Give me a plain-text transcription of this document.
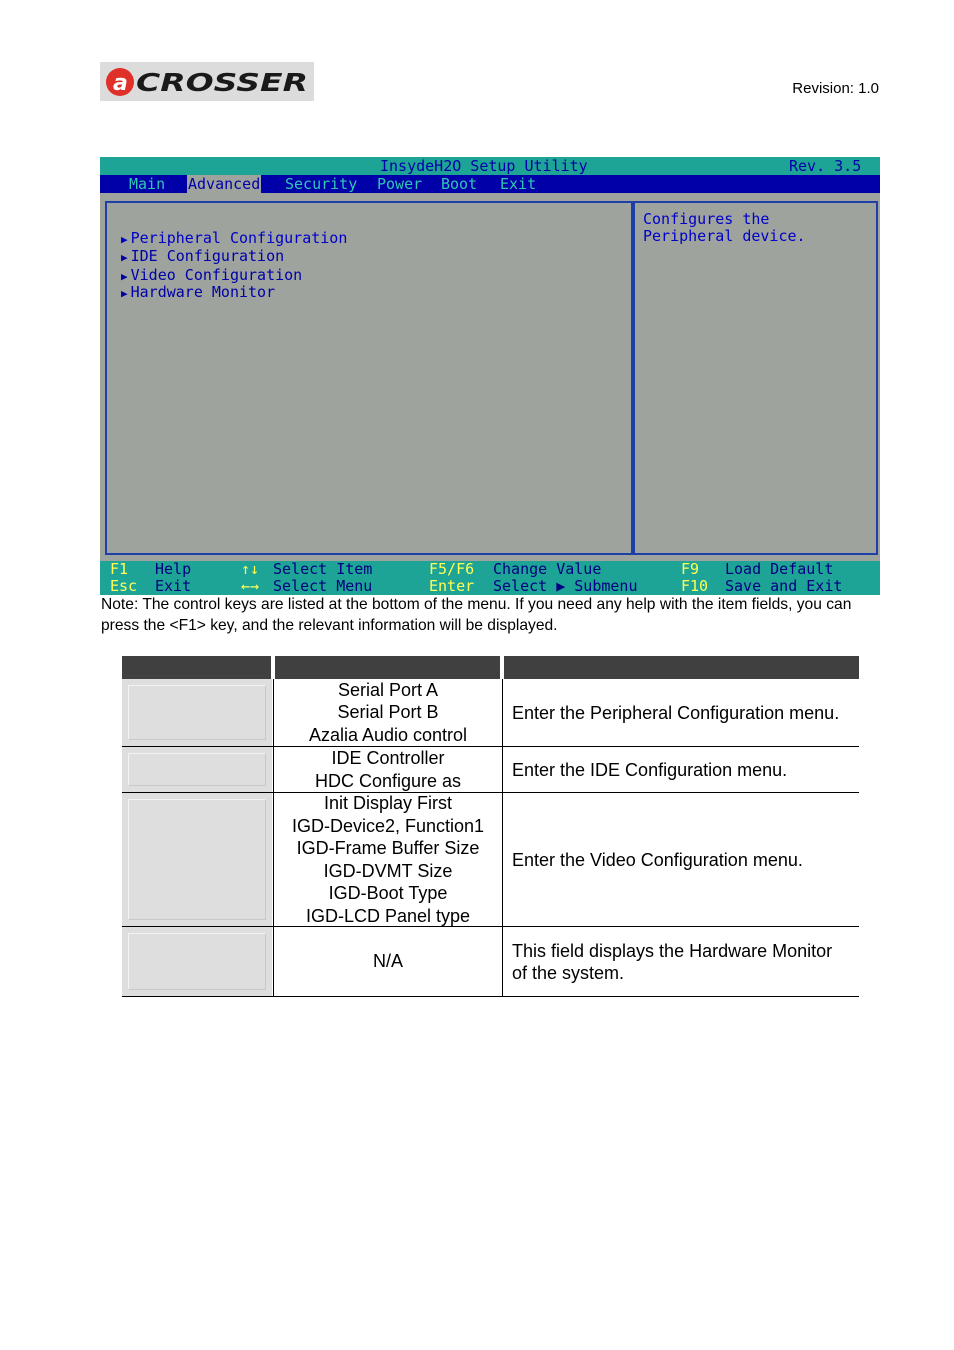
a CROSSER	Revision: 1.0
InsydeH2O Setup Utility	Rev. 3.5
Main Advanced Security Power Boot Exit
▶ Peripheral Configuration
▶ IDE Configuration
▶ Video Configuration
▶ Hardware Monitor
Configures the
Peripheral device.
F1 Help
Esc Exit
↑↓ Select Item
←→ Select Menu
F5/F6 Change Value
Enter Select ▶ Submenu
F9 Load Default
F10 Save and Exit
Note: The control keys are listed at the bottom of the menu. If you need any help with the item fields, you can press the <F1> key, and the relevant information will be displayed.
Serial Port A
Serial Port B
Azalia Audio control
Enter the Peripheral Configuration menu.
IDE Controller
HDC Configure as
Enter the IDE Configuration menu.
Init Display First
IGD-Device2, Function1
IGD-Frame Buffer Size
IGD-DVMT Size
IGD-Boot Type
IGD-LCD Panel type
Enter the Video Configuration menu.
N/A
This field displays the Hardware Monitor of the system.
